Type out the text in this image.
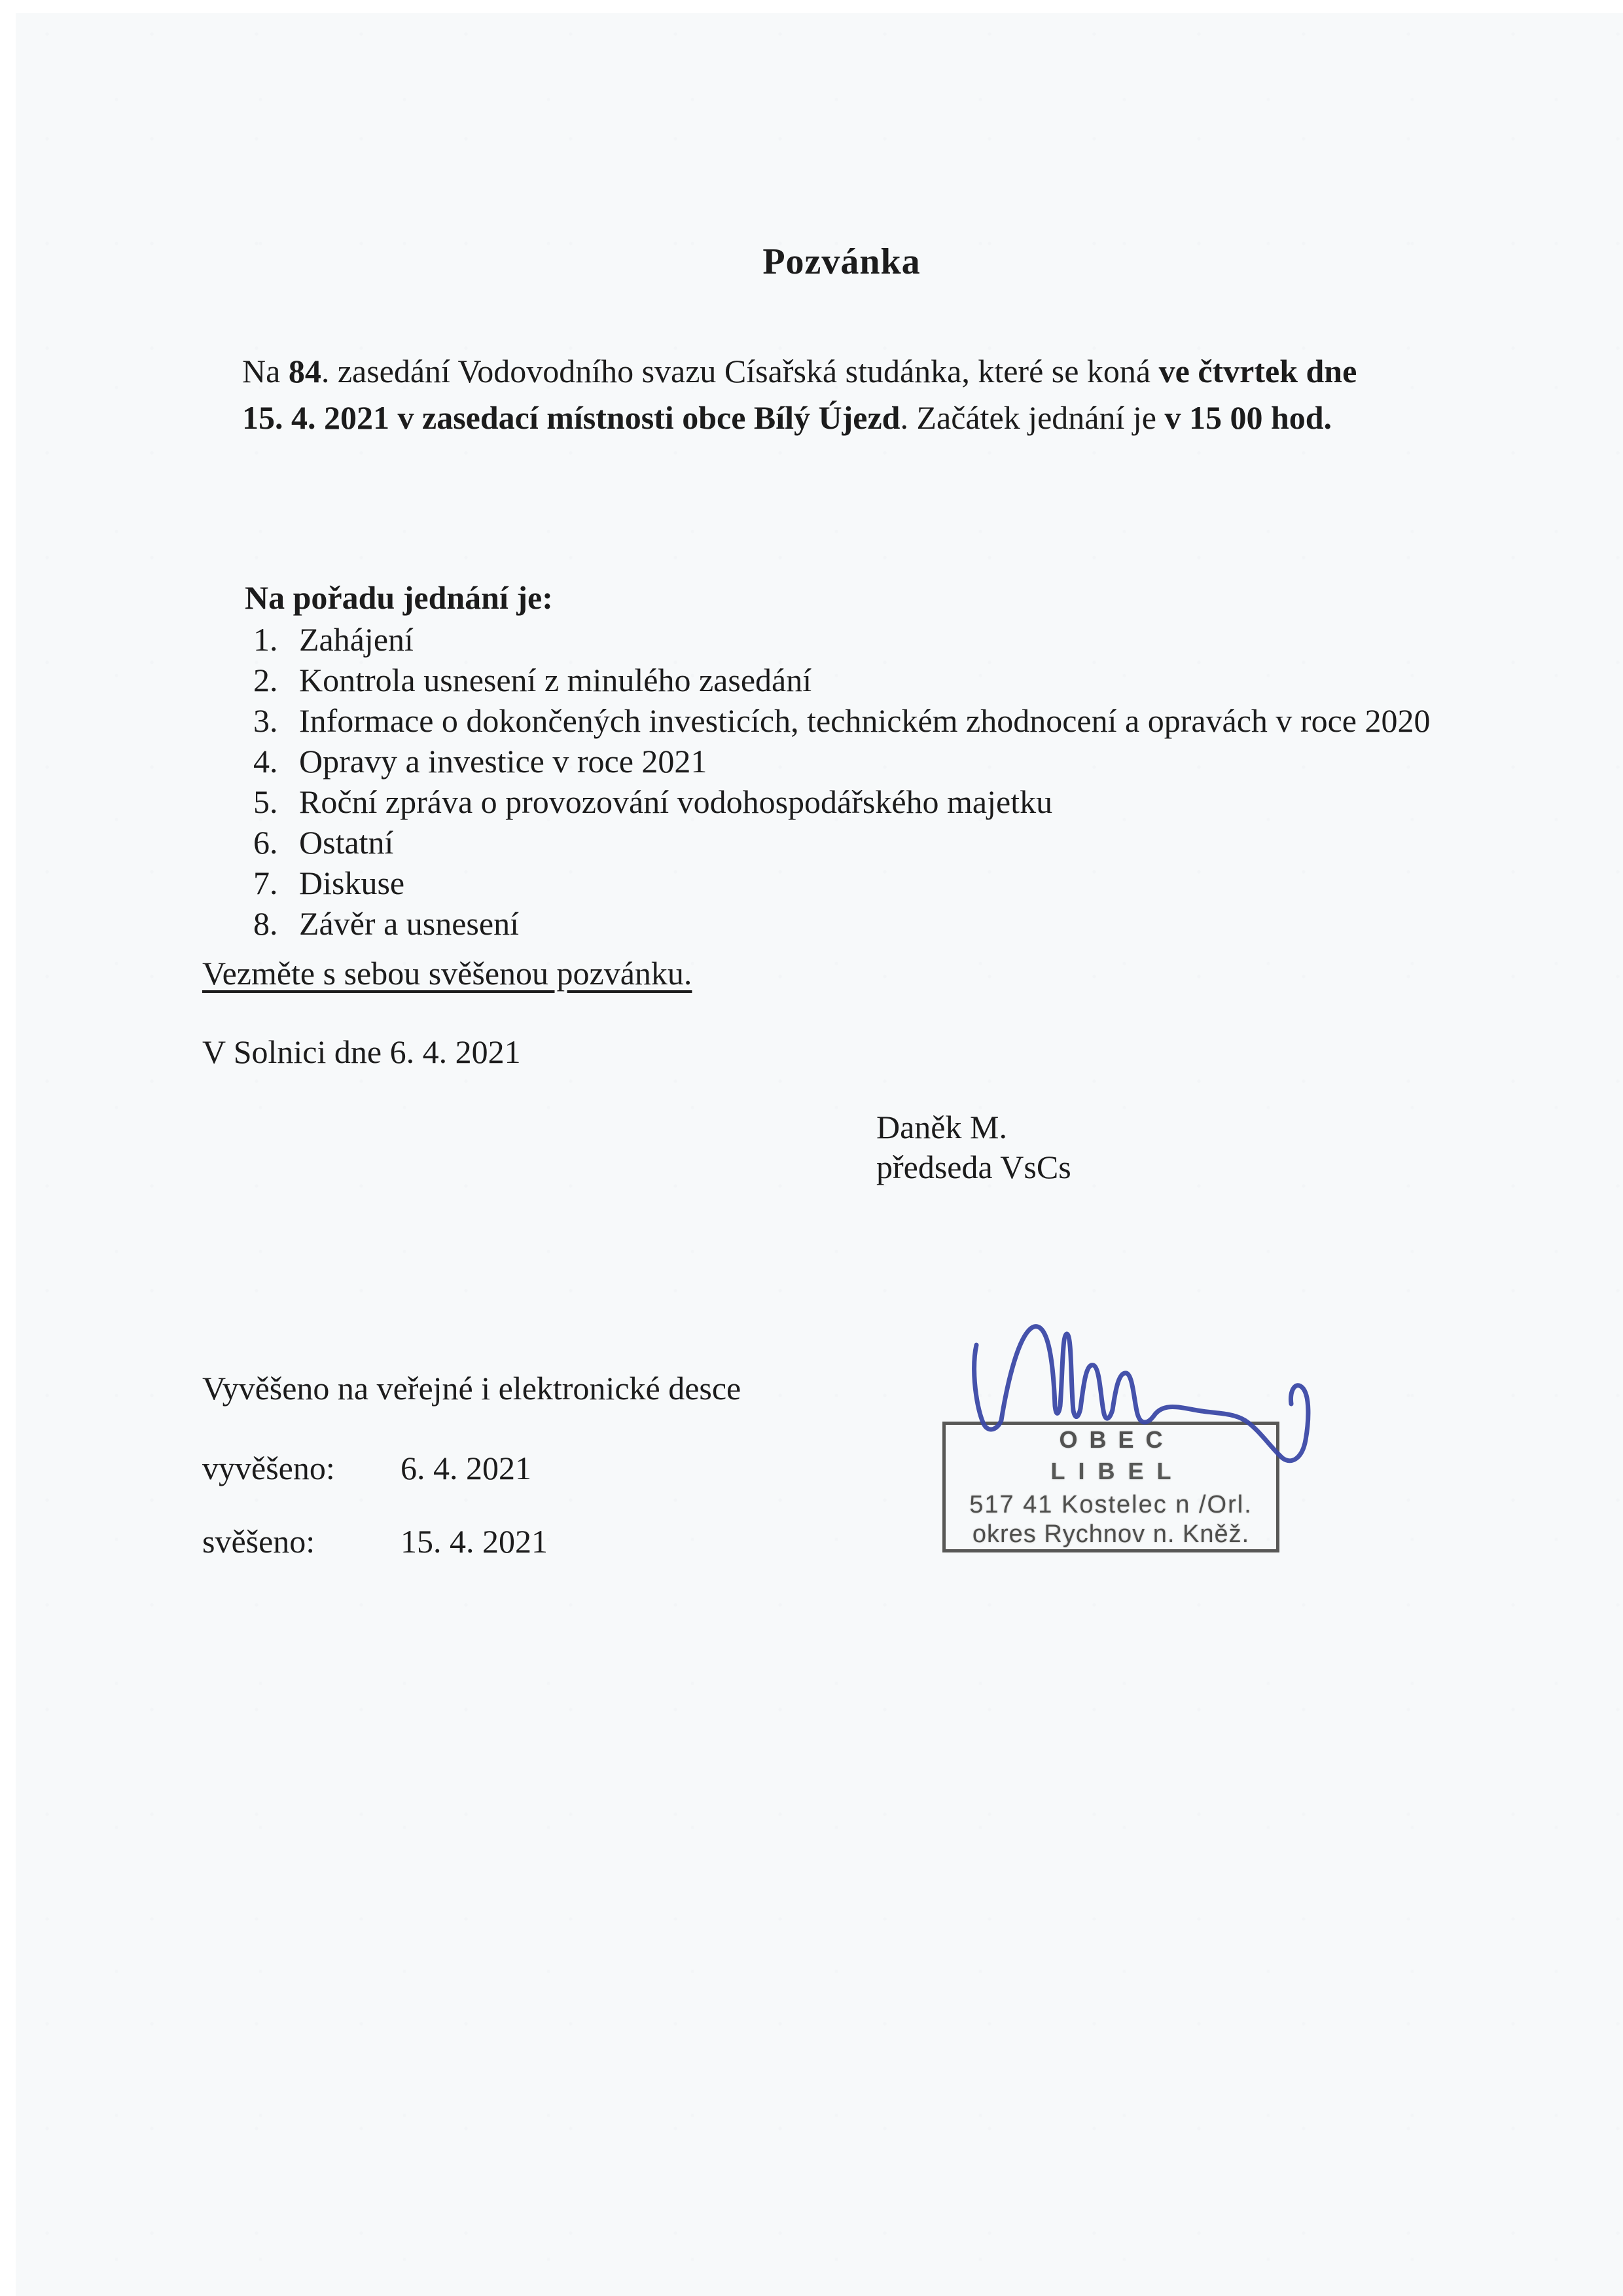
Pozvánka
Na 84. zasedání Vodovodního svazu Císařská studánka, které se koná ve čtvrtek dne
15. 4. 2021 v zasedací místnosti obce Bílý Újezd. Začátek jednání je v 15 00 hod.
Na pořadu jednání je:
1. Zahájení
2. Kontrola usnesení z minulého zasedání
3. Informace o dokončených investicích, technickém zhodnocení a opravách v roce 2020
4. Opravy a investice v roce 2021
5. Roční zpráva o provozování vodohospodářského majetku
6. Ostatní
7. Diskuse
8. Závěr a usnesení
Vezměte s sebou svěšenou pozvánku.
V Solnici dne 6. 4. 2021
Daněk M.
předseda VsCs
Vyvěšeno na veřejné i elektronické desce
vyvěšeno: 6. 4. 2021
svěšeno:	15. 4. 2021
OBEC
LIBEL
517 41 Kostelec n /Orl.
okres Rychnov n. Kněž.
